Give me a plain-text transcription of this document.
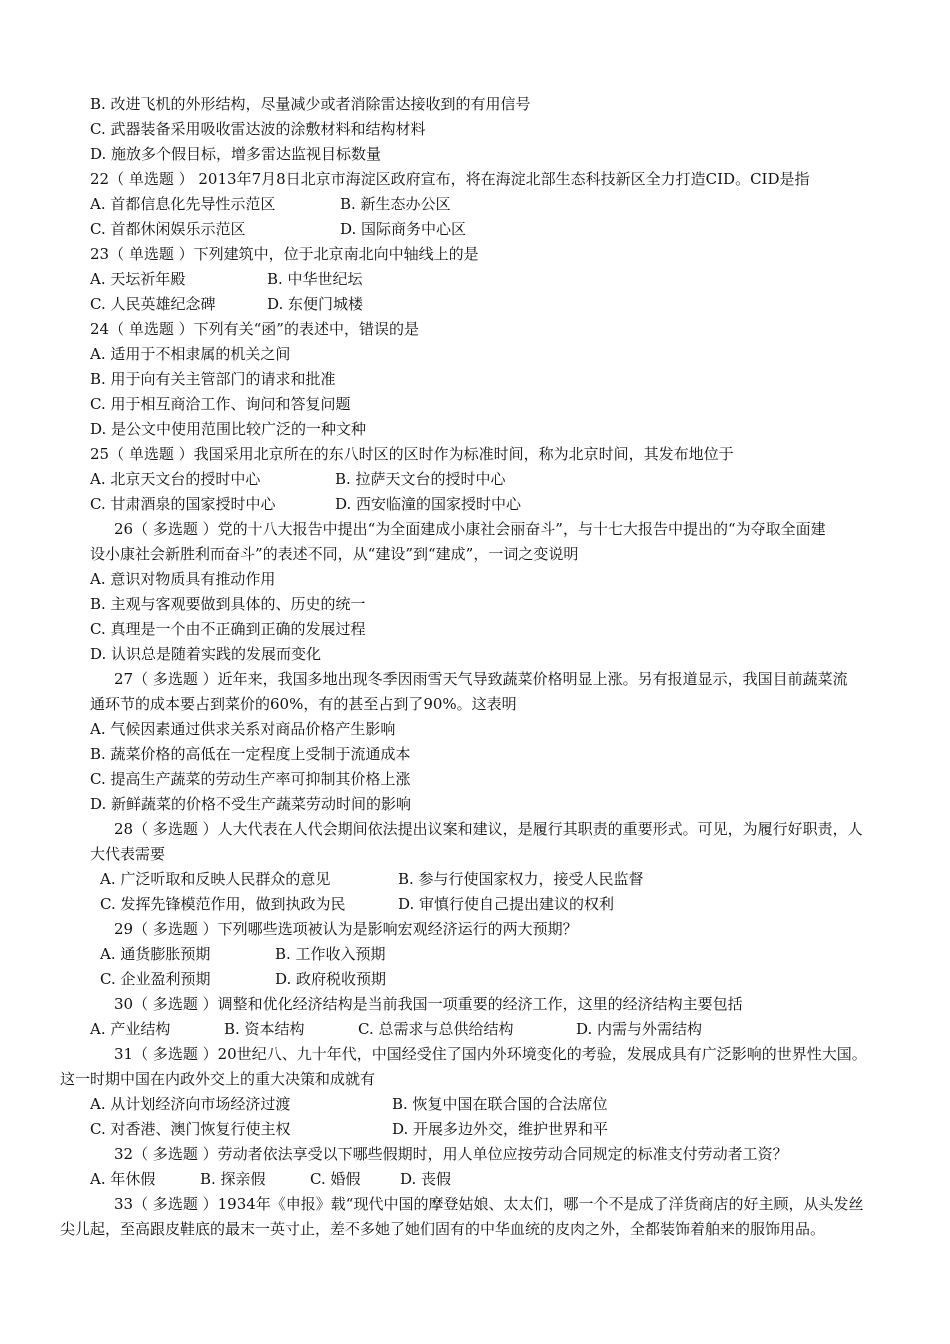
B. 改进飞机的外形结构，尽量减少或者消除雷达接收到的有用信号
C. 武器装备采用吸收雷达波的涂敷材料和结构材料
D. 施放多个假目标，增多雷达监视目标数量
22（ 单选题 ） 2013年7月8日北京市海淀区政府宣布，将在海淀北部生态科技新区全力打造CID。CID是指
A. 首都信息化先导性示范区	B. 新生态办公区
C. 首都休闲娱乐示范区	D. 国际商务中心区
23（ 单选题 ）下列建筑中，位于北京南北向中轴线上的是
A. 天坛祈年殿	B. 中华世纪坛
C. 人民英雄纪念碑	D. 东便门城楼
24（ 单选题 ）下列有关“函”的表述中，错误的是
A. 适用于不相隶属的机关之间
B. 用于向有关主管部门的请求和批准
C. 用于相互商洽工作、询问和答复问题
D. 是公文中使用范围比较广泛的一种文种
25（ 单选题 ）我国采用北京所在的东八时区的区时作为标准时间，称为北京时间，其发布地位于
A. 北京天文台的授时中心	B. 拉萨天文台的授时中心
C. 甘肃酒泉的国家授时中心	D. 西安临潼的国家授时中心
26（ 多选题 ）党的十八大报告中提出“为全面建成小康社会丽奋斗”，与十七大报告中提出的“为夺取全面建
设小康社会新胜利而奋斗”的表述不同，从“建设”到“建成”，一词之变说明
A. 意识对物质具有推动作用
B. 主观与客观要做到具体的、历史的统一
C. 真理是一个由不正确到正确的发展过程
D. 认识总是随着实践的发展而变化
27（ 多选题 ）近年来，我国多地出现冬季因雨雪天气导致蔬菜价格明显上涨。另有报道显示，我国目前蔬菜流
通环节的成本要占到菜价的60%，有的甚至占到了90%。这表明
A. 气候因素通过供求关系对商品价格产生影响
B. 蔬菜价格的高低在一定程度上受制于流通成本
C. 提高生产蔬菜的劳动生产率可抑制其价格上涨
D. 新鲜蔬菜的价格不受生产蔬菜劳动时间的影响
28（ 多选题 ）人大代表在人代会期间依法提出议案和建议，是履行其职责的重要形式。可见，为履行好职责，人
大代表需要
A. 广泛听取和反映人民群众的意见	B. 参与行使国家权力，接受人民监督
C. 发挥先锋模范作用，做到执政为民	D. 审慎行使自己提出建议的权利
29（ 多选题 ）下列哪些选项被认为是影响宏观经济运行的两大预期？
A. 通货膨胀预期	B. 工作收入预期
C. 企业盈利预期	D. 政府税收预期
30（ 多选题 ）调整和优化经济结构是当前我国一项重要的经济工作，这里的经济结构主要包括
A. 产业结构	B. 资本结构	C. 总需求与总供给结构	D. 内需与外需结构
31（ 多选题 ）20世纪八、九十年代，中国经受住了国内外环境变化的考验，发展成具有广泛影响的世界性大国。
这一时期中国在内政外交上的重大决策和成就有
A. 从计划经济向市场经济过渡	B. 恢复中国在联合国的合法席位
C. 对香港、澳门恢复行使主权	D. 开展多边外交，维护世界和平
32（ 多选题 ）劳动者依法享受以下哪些假期时，用人单位应按劳动合同规定的标准支付劳动者工资？
A. 年休假	B. 探亲假	C. 婚假	D. 丧假
33（ 多选题 ）1934年《申报》载“现代中国的摩登姑娘、太太们，哪一个不是成了洋货商店的好主顾，从头发丝
尖儿起，至高跟皮鞋底的最末一英寸止，差不多她了她们固有的中华血统的皮肉之外，全都装饰着舶来的服饰用品。
